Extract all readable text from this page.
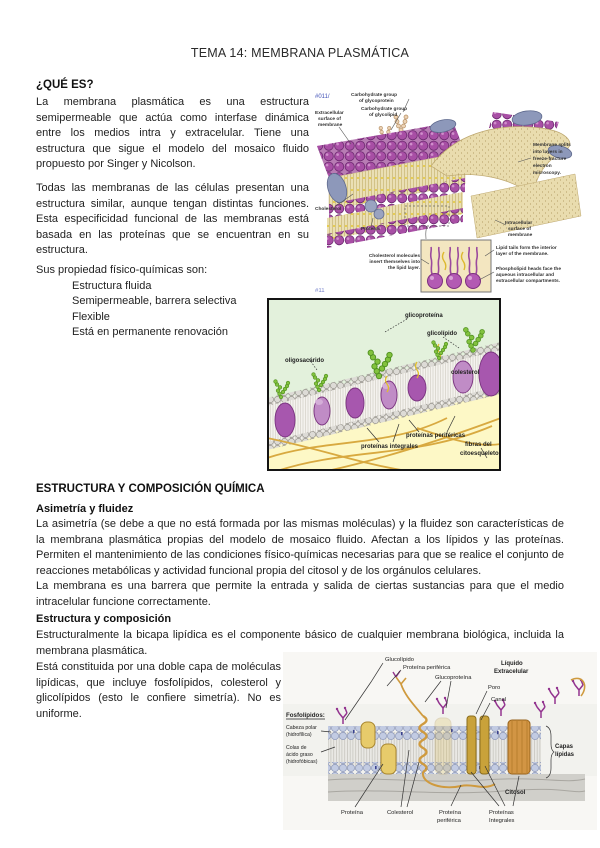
TEMA 14: MEMBRANA PLASMÁTICA
¿QUÉ ES?
La membrana plasmática es una estructura semipermeable que actúa como interfase dinámica entre los medios intra y extracelular. Tiene una estructura que sigue el modelo del mosaico fluido propuesto por Singer y Nicolson.
Todas las membranas de las células presentan una estructura similar, aunque tengan distintas funciones. Esta especificidad funcional de las membranas está basada en las proteínas que se encuentran en su estructura.
Sus propiedad físico-químicas son:
Estructura fluida
Semipermeable, barrera selectiva
Flexible
Está en permanente renovación
#011/	Carbohydrate group
of glycoprotein
Carbohydrate group
of glycolipid
Extracellular
surface of
membrane
Membrane splits
into layers in
freeze-fracture
electron
microscopy.
Cholesterol
Proteins
Intracellular
surface of
membrane
Cholesterol molecules
insert themselves into
the lipid layer.
Lipid tails form the interior
layer of the membrane.
Phospholipid heads face the
aqueous intracellular and
extracellular compartments.
#11
oligosacárido
glicoproteína
glicolípido
colesterol
proteínas integrales
proteínas periféricas
fibras del
citoesqueleto
ESTRUCTURA Y COMPOSICIÓN QUÍMICA
Asimetría y fluidez
La asimetría (se debe a que no está formada por las mismas moléculas) y la fluidez son características de la membrana plasmática propias del modelo de mosaico fluido. Afectan a los lípidos y las proteínas. Permiten el mantenimiento de las condiciones físico-químicas necesarias para que se realice el conjunto de reacciones metabólicas y actividad funcional propia del citosol y de los orgánulos celulares.
La membrana es una barrera que permite la entrada y salida de ciertas sustancias para que el medio intracelular funcione correctamente.
Estructura y composición
Estructuralmente la bicapa lipídica es el componente básico de cualquier membrana biológica, incluida la membrana plasmática.
Está constituida por una doble capa de moléculas lipídicas, que incluye fosfolípidos, colesterol y glicolípidos (esto le confiere simetría). No es uniforme.
Glucolípido
Proteína periférica
Glucoproteína
Líquido
Extracelular
Poro
Canal
Fosfolípidos:
Cabeza polar
(hidrofílica)
Colas de
ácido graso
(hidrofóbicas)
Capas
lípidas
Citosol
Proteína	Colesterol	Proteína
periférica
Proteínas
Integrales
